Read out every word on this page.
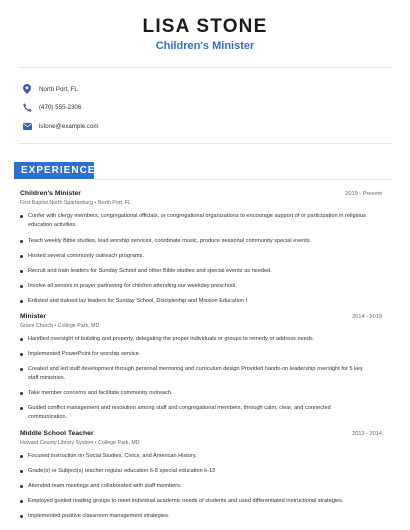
LISA STONE
Children's Minister
North Port, FL
(470) 555-2306
lstone@example.com
EXPERIENCE
Children's Minister	2019 - Present
First Baptist North Spartanburg • North Port, FL
Confer with clergy members, congregational officials, or congregational organizations to encourage support of or participation in religious education activities.
Teach weekly Bible studies, lead worship services, coordinate music, produce seasonal community special events.
Hosted several community outreach programs.
Recruit and train leaders for Sunday School and other Bible studies and special events as needed.
Involve all seniors in prayer partnering for children attending our weekday preschool.
Enlisted and trained lay leaders for Sunday School, Discipleship and Mission Education I
Minister	2014 - 2019
Grace Church • College Park, MD
Handled oversight of building and property, delegating the proper individuals or groups to remedy or address needs.
Implemented PowerPoint for worship service.
Created and led staff development through personal mentoring and curriculum design Provided hands-on leadership oversight for 5 key staff ministries.
Take member concerns and facilitate community outreach.
Guided conflict management and resolution among staff and congregational members, through calm, clear, and connected communication.
Middle School Teacher	2013 - 2014
Howard County Library System • College Park, MD
Focused instruction on Social Studies, Civics, and American History.
Grade(s) or Subject(s) teacher regular education 6-8 special education k-12
Attended team meetings and collaborated with staff members.
Employed guided reading groups to meet individual academic needs of students and used differentiated instructional strategies.
Implemented positive classroom management strategies.
